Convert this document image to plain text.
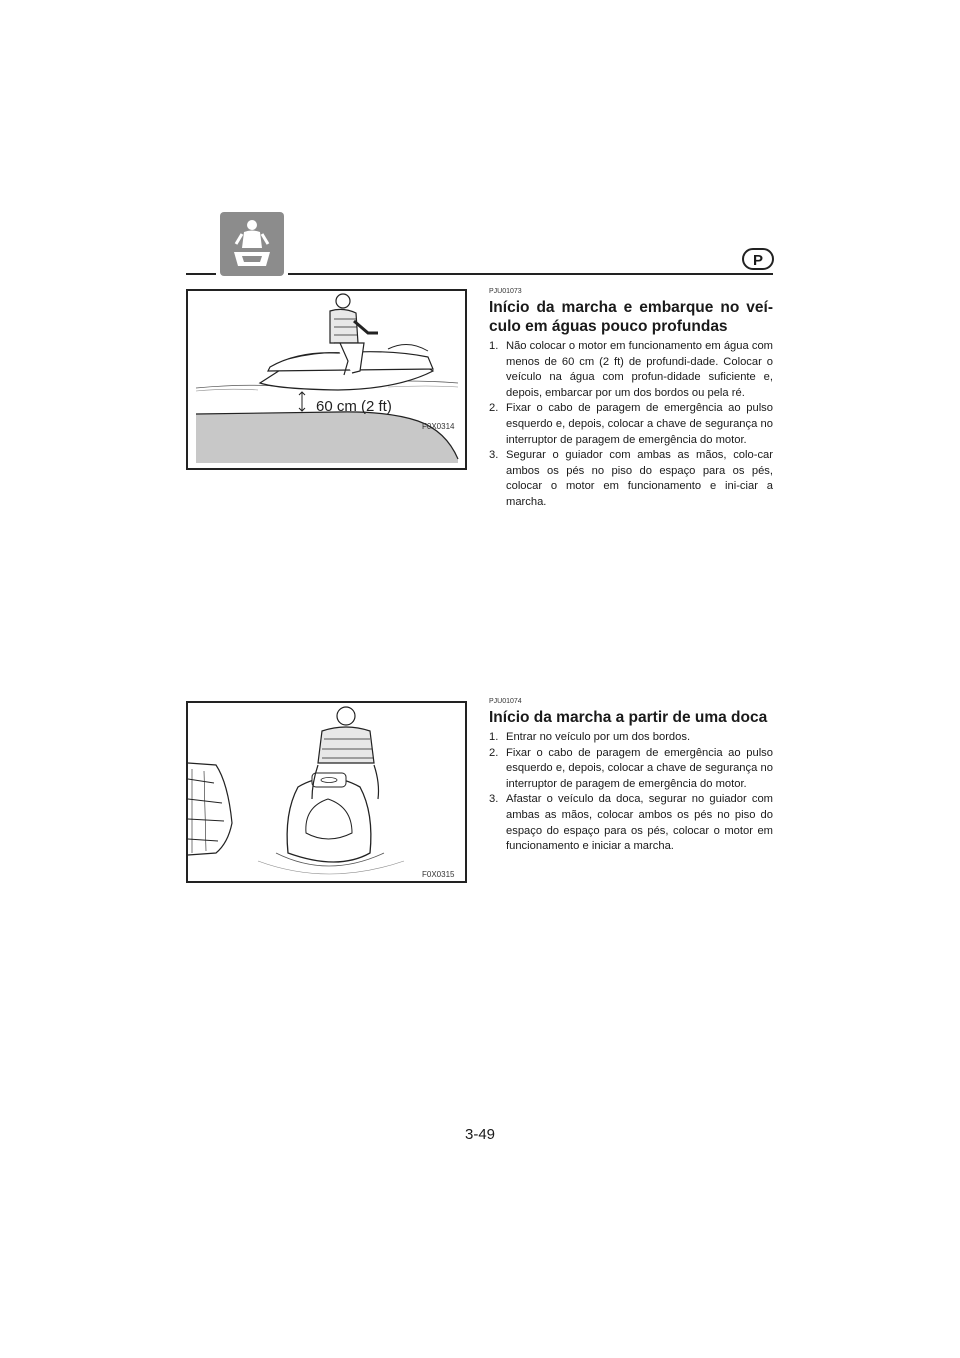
P
60 cm (2 ft)
F0X0314
PJU01073
Início da marcha e embarque no veí-culo em águas pouco profundas
1. Não colocar o motor em funcionamento em água com menos de 60 cm (2 ft) de profundi-dade. Colocar o veículo na água com profun-didade suficiente e, depois, embarcar por um dos bordos ou pela ré.
2. Fixar o cabo de paragem de emergência ao pulso esquerdo e, depois, colocar a chave de segurança no interruptor de paragem de emergência do motor.
3. Segurar o guiador com ambas as mãos, colo-car ambos os pés no piso do espaço para os pés, colocar o motor em funcionamento e ini-ciar a marcha.
F0X0315
PJU01074
Início da marcha a partir de uma doca
1. Entrar no veículo por um dos bordos.
2. Fixar o cabo de paragem de emergência ao pulso esquerdo e, depois, colocar a chave de segurança no interruptor de paragem de emergência do motor.
3. Afastar o veículo da doca, segurar no guiador com ambas as mãos, colocar ambos os pés no piso do espaço do espaço para os pés, colocar o motor em funcionamento e iniciar a marcha.
3-49
